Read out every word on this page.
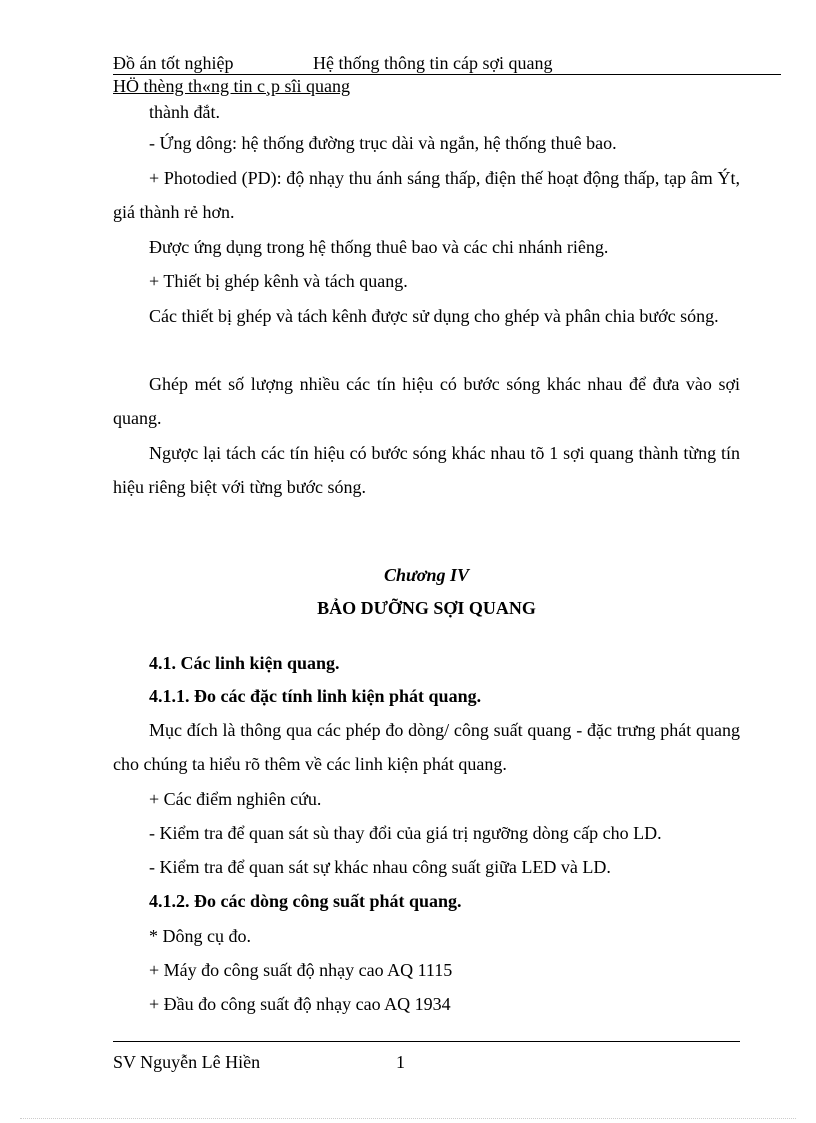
Đồ án tốt nghiệp	Hệ thống thông tin cáp sợi quang
HÖ thèng th«ng tin c¸p sîi quang
thành đắt.
- Ứng dông: hệ thống đường trục dài và ngắn, hệ thống thuê bao.
+ Photodied (PD): độ nhạy thu ánh sáng thấp, điện thế hoạt động thấp, tạp âm Ýt, giá thành rẻ hơn.
Được ứng dụng trong hệ thống thuê bao và các chi nhánh riêng.
+ Thiết bị ghép kênh và tách quang.
Các thiết bị ghép và tách kênh được sử dụng cho ghép và phân chia bước sóng.
Ghép mét số lượng nhiều các tín hiệu có bước sóng khác nhau để đưa vào sợi quang.
Ngược lại tách các tín hiệu có bước sóng khác nhau tõ 1 sợi quang thành từng tín hiệu riêng biệt với từng bước sóng.
Chương IV
BẢO DƯỠNG SỢI QUANG
4.1. Các linh kiện quang.
4.1.1. Đo các đặc tính linh kiện phát quang.
Mục đích là thông qua các phép đo dòng/ công suất quang - đặc trưng phát quang cho chúng ta hiểu rõ thêm về các linh kiện phát quang.
+ Các điểm nghiên cứu.
- Kiểm tra để quan sát sù thay đổi của giá trị ngưỡng dòng cấp cho LD.
- Kiểm tra để quan sát sự khác nhau công suất giữa LED và LD.
4.1.2. Đo các dòng công suất phát quang.
* Dông cụ đo.
+ Máy đo công suất độ nhạy cao AQ 1115
+ Đầu đo công suất độ nhạy cao AQ 1934
SV Nguyễn Lê Hiền	1
